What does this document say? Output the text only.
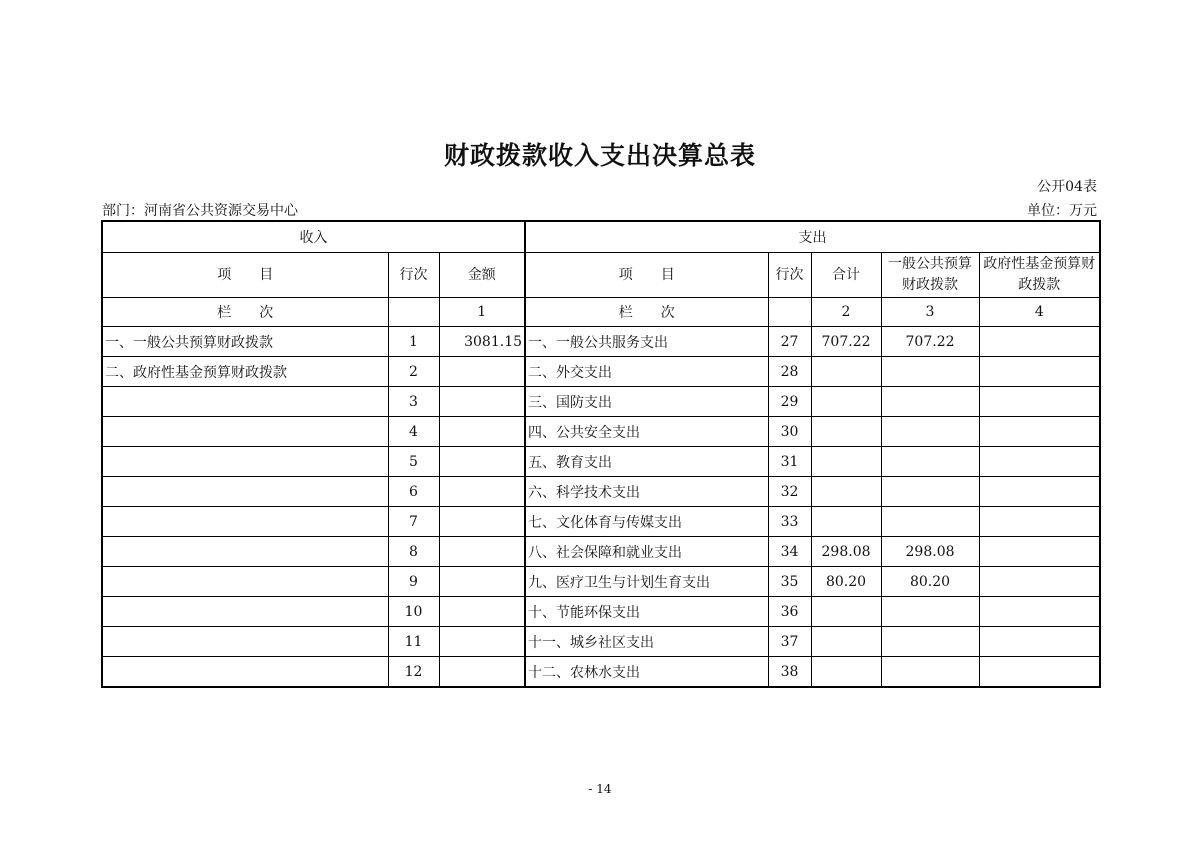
财政拨款收入支出决算总表
公开04表
部门：河南省公共资源交易中心	单位：万元
收入			支出				
项　　目	行次	金额	项　　目	行次	合计	一般公共预算财政拨款	政府性基金预算财政拨款
栏　　次		1	栏　　次		2	3	4
一、一般公共预算财政拨款	1	3081.15	一、一般公共服务支出	27	707.22	707.22	
二、政府性基金预算财政拨款	2		二、外交支出	28			
	3		三、国防支出	29			
	4		四、公共安全支出	30			
	5		五、教育支出	31			
	6		六、科学技术支出	32			
	7		七、文化体育与传媒支出	33			
	8		八、社会保障和就业支出	34	298.08	298.08	
	9		九、医疗卫生与计划生育支出	35	80.20	80.20	
	10		十、节能环保支出	36			
	11		十一、城乡社区支出	37			
	12		十二、农林水支出	38			
- 14
